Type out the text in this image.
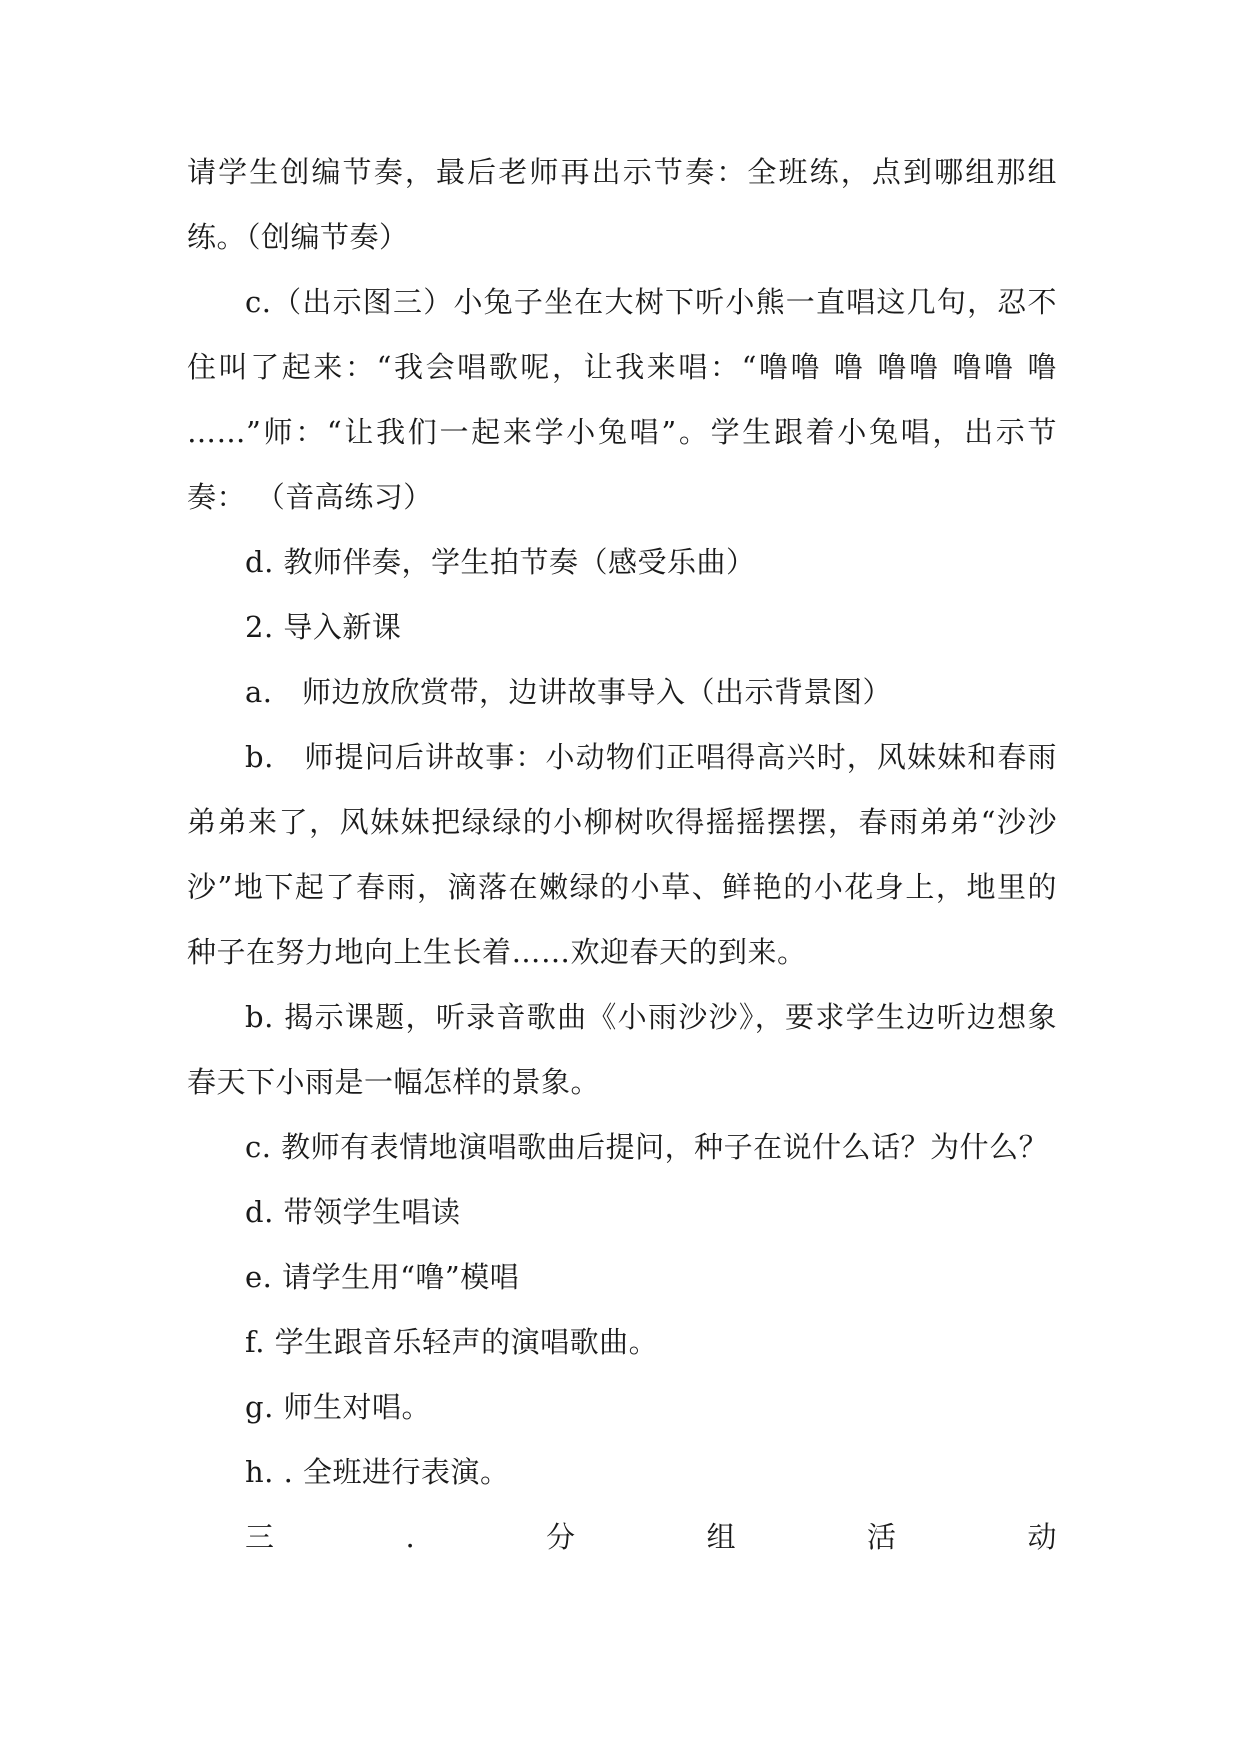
请学生创编节奏，最后老师再出示节奏：全班练，点到哪组那组练。（创编节奏）

c.（出示图三）小兔子坐在大树下听小熊一直唱这几句，忍不住叫了起来：“我会唱歌呢，让我来唱：“噜噜 噜 噜噜 噜噜 噜 ……”师：“让我们一起来学小兔唱”。学生跟着小兔唱，出示节奏： （音高练习）

d. 教师伴奏，学生拍节奏（感受乐曲）

2. 导入新课

a.　师边放欣赏带，边讲故事导入（出示背景图）

b.　师提问后讲故事：小动物们正唱得高兴时，风妹妹和春雨弟弟来了，风妹妹把绿绿的小柳树吹得摇摇摆摆，春雨弟弟“沙沙沙”地下起了春雨，滴落在嫩绿的小草、鲜艳的小花身上，地里的种子在努力地向上生长着……欢迎春天的到来。

b. 揭示课题，听录音歌曲《小雨沙沙》，要求学生边听边想象春天下小雨是一幅怎样的景象。

c. 教师有表情地演唱歌曲后提问，种子在说什么话？为什么？

d. 带领学生唱读

e. 请学生用“噜”模唱

f. 学生跟音乐轻声的演唱歌曲。

g. 师生对唱。

h. . 全班进行表演。

三	.	分	组	活	动
